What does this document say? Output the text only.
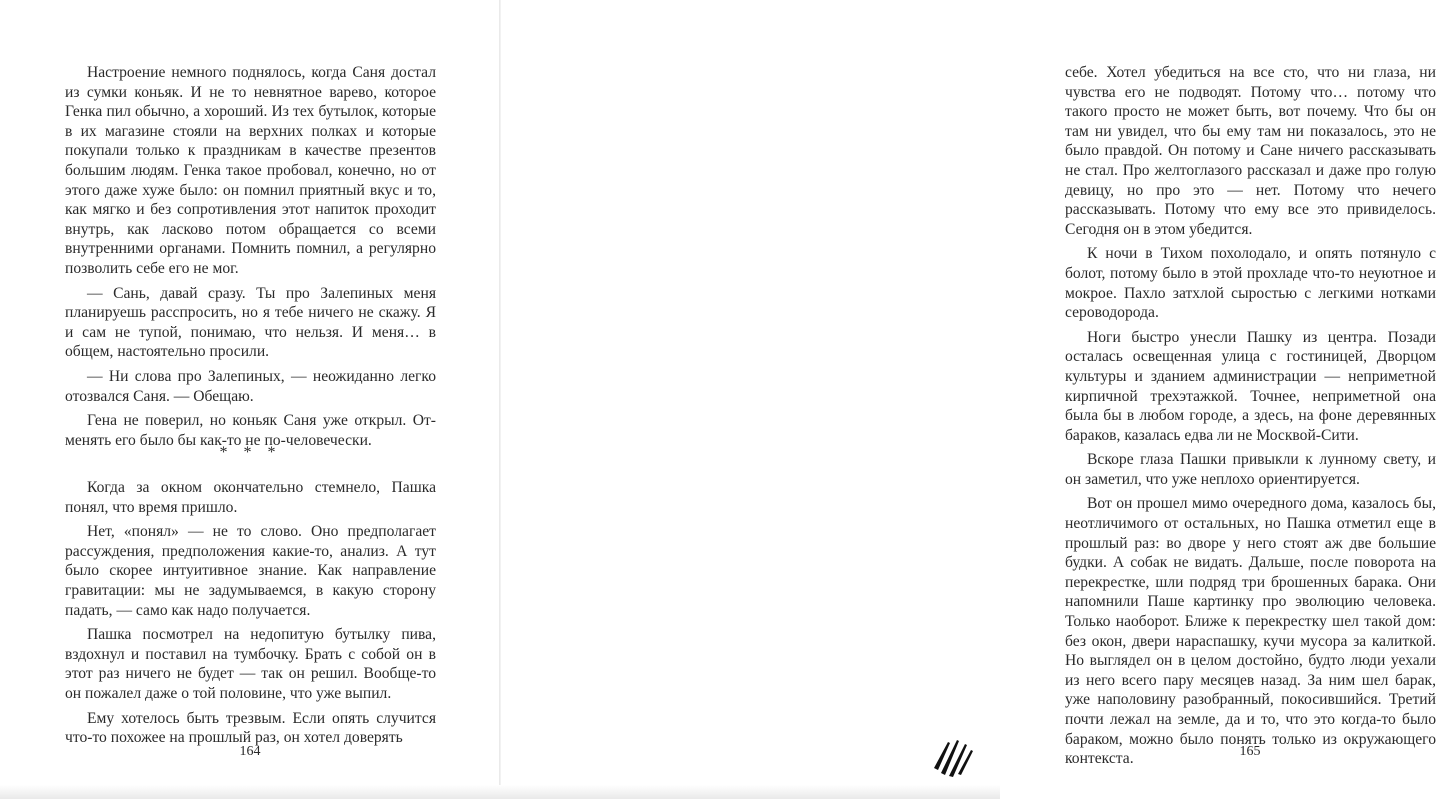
Настроение немного поднялось, когда Саня достал из сумки коньяк. И не то невнятное варево, которое Генка пил обычно, а хороший. Из тех бутылок, которые в их магазине стояли на верхних полках и которые покупали только к праздникам в качестве презентов большим людям. Генка такое пробовал, конечно, но от этого даже хуже было: он помнил приятный вкус и то, как мягко и без сопротивления этот напиток проходит внутрь, как ласково потом обращается со всеми внутренними органами. Помнить помнил, а регулярно позволить себе его не мог.

— Сань, давай сразу. Ты про Залепиных меня планируешь расспросить, но я тебе ничего не скажу. Я и сам не тупой, понимаю, что нельзя. И меня… в общем, настоятельно просили.

— Ни слова про Залепиных, — неожиданно легко отозвался Саня. — Обещаю.

Гена не поверил, но коньяк Саня уже открыл. Отменять его было бы как-то не по-человечески.

* * *

Когда за окном окончательно стемнело, Пашка понял, что время пришло.

Нет, «понял» — не то слово. Оно предполагает рассуждения, предположения какие-то, анализ. А тут было скорее интуитивное знание. Как направление гравитации: мы не задумываемся, в какую сторону падать, — само как надо получается.

Пашка посмотрел на недопитую бутылку пива, вздохнул и поставил на тумбочку. Брать с собой он в этот раз ничего не будет — так он решил. Вообще-то он пожалел даже о той половине, что уже выпил.

Ему хотелось быть трезвым. Если опять случится что-то похожее на прошлый раз, он хотел доверять

164

себе. Хотел убедиться на все сто, что ни глаза, ни чувства его не подводят. Потому что… потому что такого просто не может быть, вот почему. Что бы он там ни увидел, что бы ему там ни показалось, это не было правдой. Он потому и Сане ничего рассказывать не стал. Про желтоглазого рассказал и даже про голую девицу, но про это — нет. Потому что нечего рассказывать. Потому что ему все это привиделось. Сегодня он в этом убедится.

К ночи в Тихом похолодало, и опять потянуло с болот, потому было в этой прохладе что-то неуютное и мокрое. Пахло затхлой сыростью с легкими нотками сероводорода.

Ноги быстро унесли Пашку из центра. Позади осталась освещенная улица с гостиницей, Дворцом культуры и зданием администрации — неприметной кирпичной трехэтажкой. Точнее, неприметной она была бы в любом городе, а здесь, на фоне деревянных бараков, казалась едва ли не Москвой-Сити.

Вскоре глаза Пашки привыкли к лунному свету, и он заметил, что уже неплохо ориентируется.

Вот он прошел мимо очередного дома, казалось бы, неотличимого от остальных, но Пашка отметил еще в прошлый раз: во дворе у него стоят аж две большие будки. А собак не видать. Дальше, после поворота на перекрестке, шли подряд три брошенных барака. Они напомнили Паше картинку про эволюцию человека. Только наоборот. Ближе к перекрестку шел такой дом: без окон, двери нараспашку, кучи мусора за калиткой. Но выглядел он в целом достойно, будто люди уехали из него всего пару месяцев назад. За ним шел барак, уже наполовину разобранный, покосившийся. Третий почти лежал на земле, да и то, что это когда-то было бараком, можно было понять только из окружающего контекста.	165
